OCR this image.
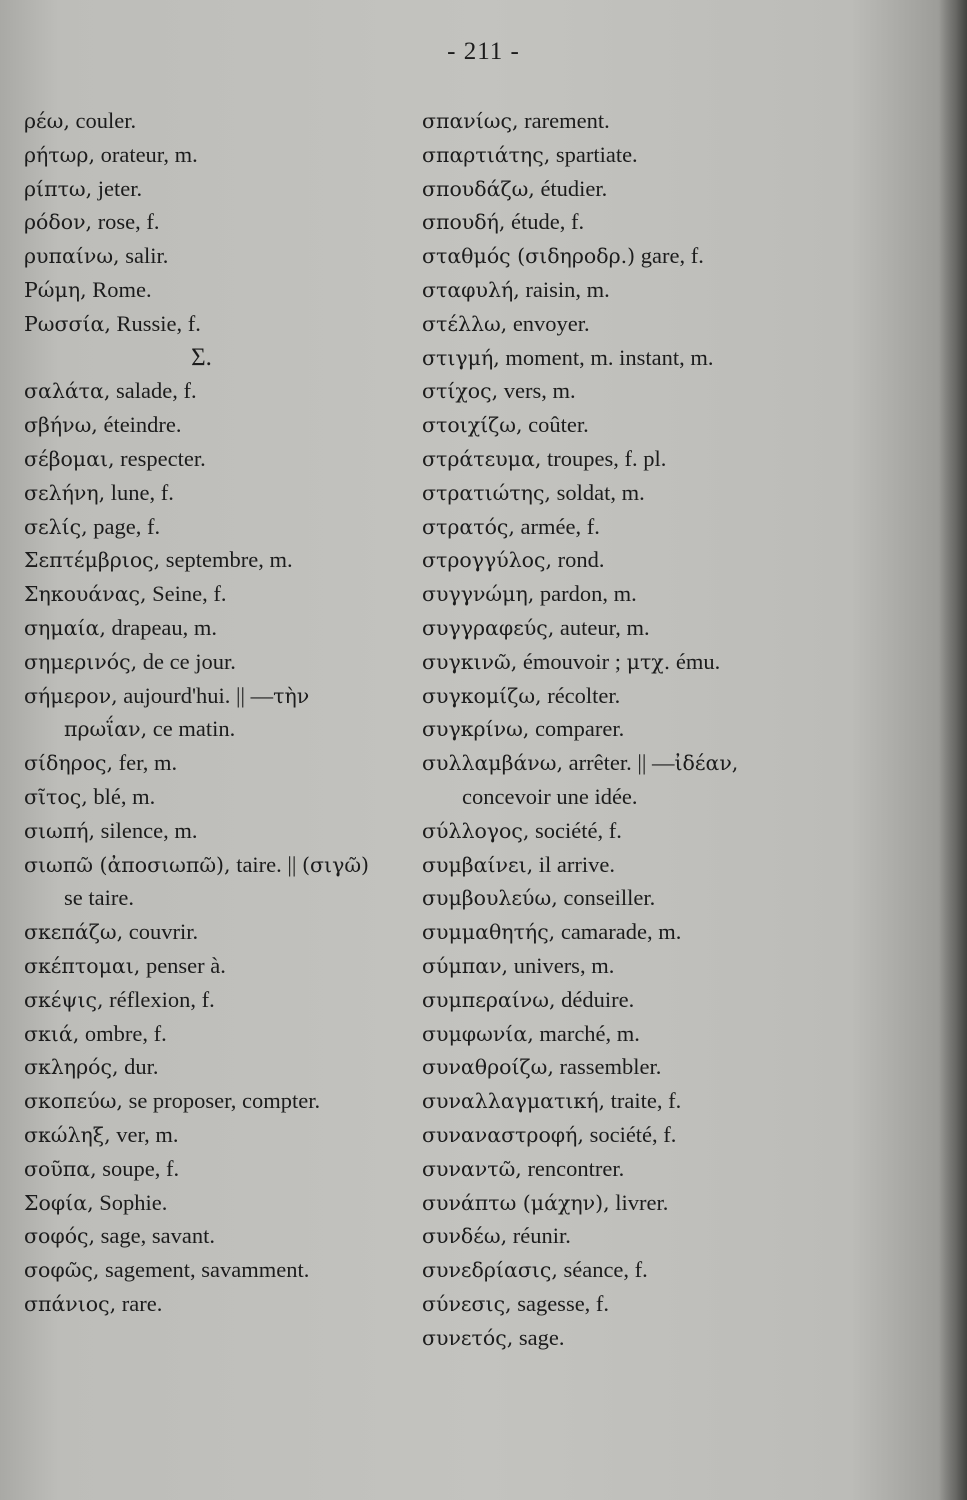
- 211 -
ρέω, couler.
ρήτωρ, orateur, m.
ρίπτω, jeter.
ρόδον, rose, f.
ρυπαίνω, salir.
Ρώμη, Rome.
Ρωσσία, Russie, f.
Σ.
σαλάτα, salade, f.
σβήνω, éteindre.
σέβομαι, respecter.
σελήνη, lune, f.
σελίς, page, f.
Σεπτέμβριος, septembre, m.
Σηκουάνας, Seine, f.
σημαία, drapeau, m.
σημερινός, de ce jour.
σήμερον, aujourd'hui. || —τὴν
πρωΐαν, ce matin.
σίδηρος, fer, m.
σῖτος, blé, m.
σιωπή, silence, m.
σιωπῶ (ἀποσιωπῶ), taire. || (σιγῶ)
se taire.
σκεπάζω, couvrir.
σκέπτομαι, penser à.
σκέψις, réflexion, f.
σκιά, ombre, f.
σκληρός, dur.
σκοπεύω, se proposer, compter.
σκώληξ, ver, m.
σοῦπα, soupe, f.
Σοφία, Sophie.
σοφός, sage, savant.
σοφῶς, sagement, savamment.
σπάνιος, rare.
σπανίως, rarement.
σπαρτιάτης, spartiate.
σπουδάζω, étudier.
σπουδή, étude, f.
σταθμός (σιδηροδρ.) gare, f.
σταφυλή, raisin, m.
στέλλω, envoyer.
στιγμή, moment, m. instant, m.
στίχος, vers, m.
στοιχίζω, coûter.
στράτευμα, troupes, f. pl.
στρατιώτης, soldat, m.
στρατός, armée, f.
στρογγύλος, rond.
συγγνώμη, pardon, m.
συγγραφεύς, auteur, m.
συγκινῶ, émouvoir ; μτχ. ému.
συγκομίζω, récolter.
συγκρίνω, comparer.
συλλαμβάνω, arrêter. || —ἰδέαν,
concevoir une idée.
σύλλογος, société, f.
συμβαίνει, il arrive.
συμβουλεύω, conseiller.
συμμαθητής, camarade, m.
σύμπαν, univers, m.
συμπεραίνω, déduire.
συμφωνία, marché, m.
συναθροίζω, rassembler.
συναλλαγματική, traite, f.
συναναστροφή, société, f.
συναντῶ, rencontrer.
συνάπτω (μάχην), livrer.
συνδέω, réunir.
συνεδρίασις, séance, f.
σύνεσις, sagesse, f.
συνετός, sage.
